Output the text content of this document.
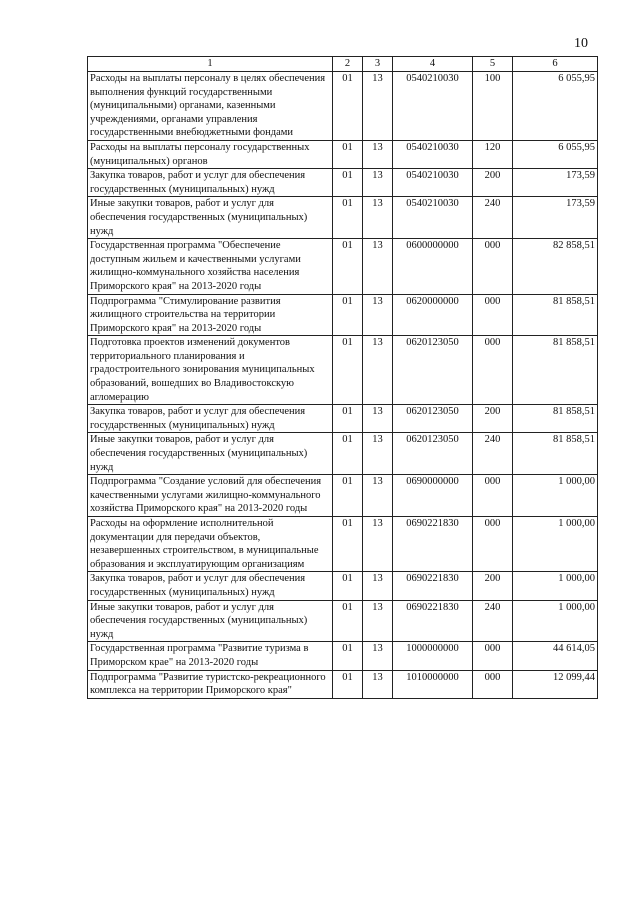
10
1	2	3	4	5	6
Расходы на выплаты персоналу в целях обеспечения выполнения функций государственными (муниципальными) органами, казенными учреждениями, органами управления государственными внебюджетными фондами	01	13	0540210030	100	6 055,95
Расходы на выплаты персоналу государственных (муниципальных) органов	01	13	0540210030	120	6 055,95
Закупка товаров, работ и услуг для обеспечения государственных (муниципальных) нужд	01	13	0540210030	200	173,59
Иные закупки товаров, работ и услуг для обеспечения государственных (муниципальных) нужд	01	13	0540210030	240	173,59
Государственная программа "Обеспечение доступным жильем и качественными услугами жилищно-коммунального хозяйства населения Приморского края" на 2013-2020 годы	01	13	0600000000	000	82 858,51
Подпрограмма "Стимулирование развития жилищного строительства на территории Приморского края" на 2013-2020 годы	01	13	0620000000	000	81 858,51
Подготовка проектов изменений документов территориального планирования и градостроительного зонирования муниципальных образований, вошедших во Владивостокскую агломерацию	01	13	0620123050	000	81 858,51
Закупка товаров, работ и услуг для обеспечения государственных (муниципальных) нужд	01	13	0620123050	200	81 858,51
Иные закупки товаров, работ и услуг для обеспечения государственных (муниципальных) нужд	01	13	0620123050	240	81 858,51
Подпрограмма "Создание условий для обеспечения качественными услугами жилищно-коммунального хозяйства Приморского края" на 2013-2020 годы	01	13	0690000000	000	1 000,00
Расходы на оформление исполнительной документации для передачи объектов, незавершенных строительством, в муниципальные образования и эксплуатирующим организациям	01	13	0690221830	000	1 000,00
Закупка товаров, работ и услуг для обеспечения государственных (муниципальных) нужд	01	13	0690221830	200	1 000,00
Иные закупки товаров, работ и услуг для обеспечения государственных (муниципальных) нужд	01	13	0690221830	240	1 000,00
Государственная программа "Развитие туризма в Приморском крае" на 2013-2020 годы	01	13	1000000000	000	44 614,05
Подпрограмма "Развитие туристско-рекреационного комплекса на территории Приморского края"	01	13	1010000000	000	12 099,44
